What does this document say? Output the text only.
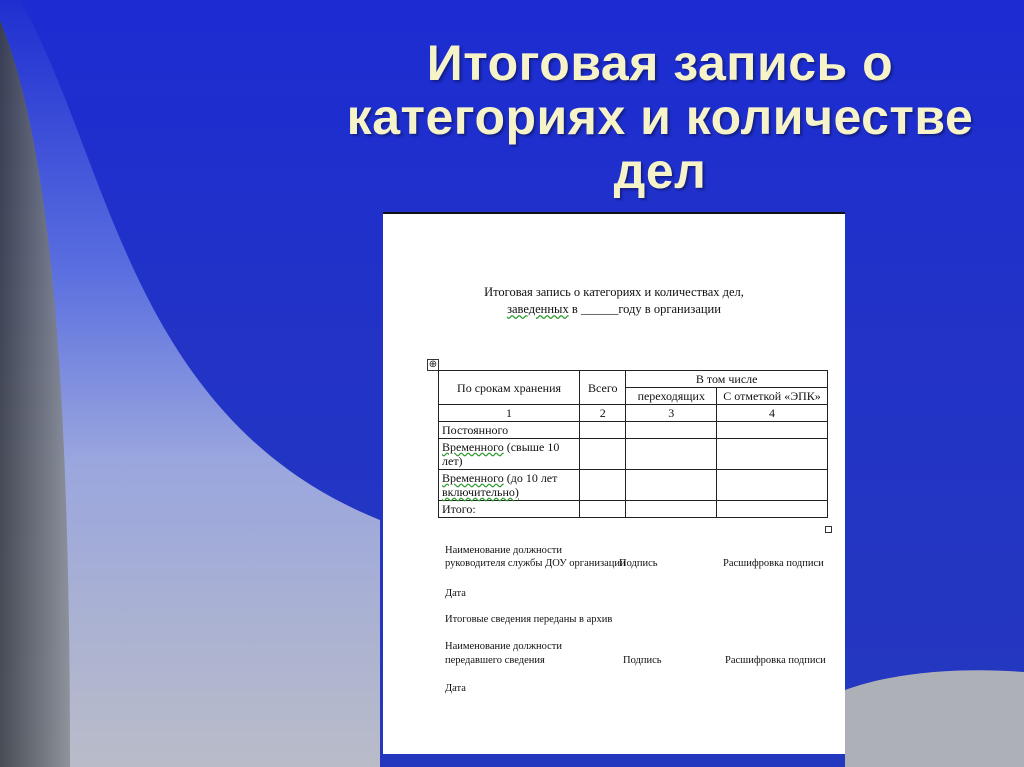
Итоговая запись о
категориях и количестве
дел
Итоговая запись о категориях и количествах дел,
заведенных в ______году в организации
⊕
По срокам хранения	Всего	В том числе	
		переходящих	С отметкой «ЭПК»
1	2	3	4
Постоянного			
Временного (свыше 10 лет)			
Временного (до 10 лет
включительно)			
Итого:			
Наименование должности
руководителя службы ДОУ организации
Подпись	Расшифровка подписи
Дата
Итоговые сведения переданы в архив
Наименование должности
передавшего сведения	Подпись	Расшифровка подписи
Дата
